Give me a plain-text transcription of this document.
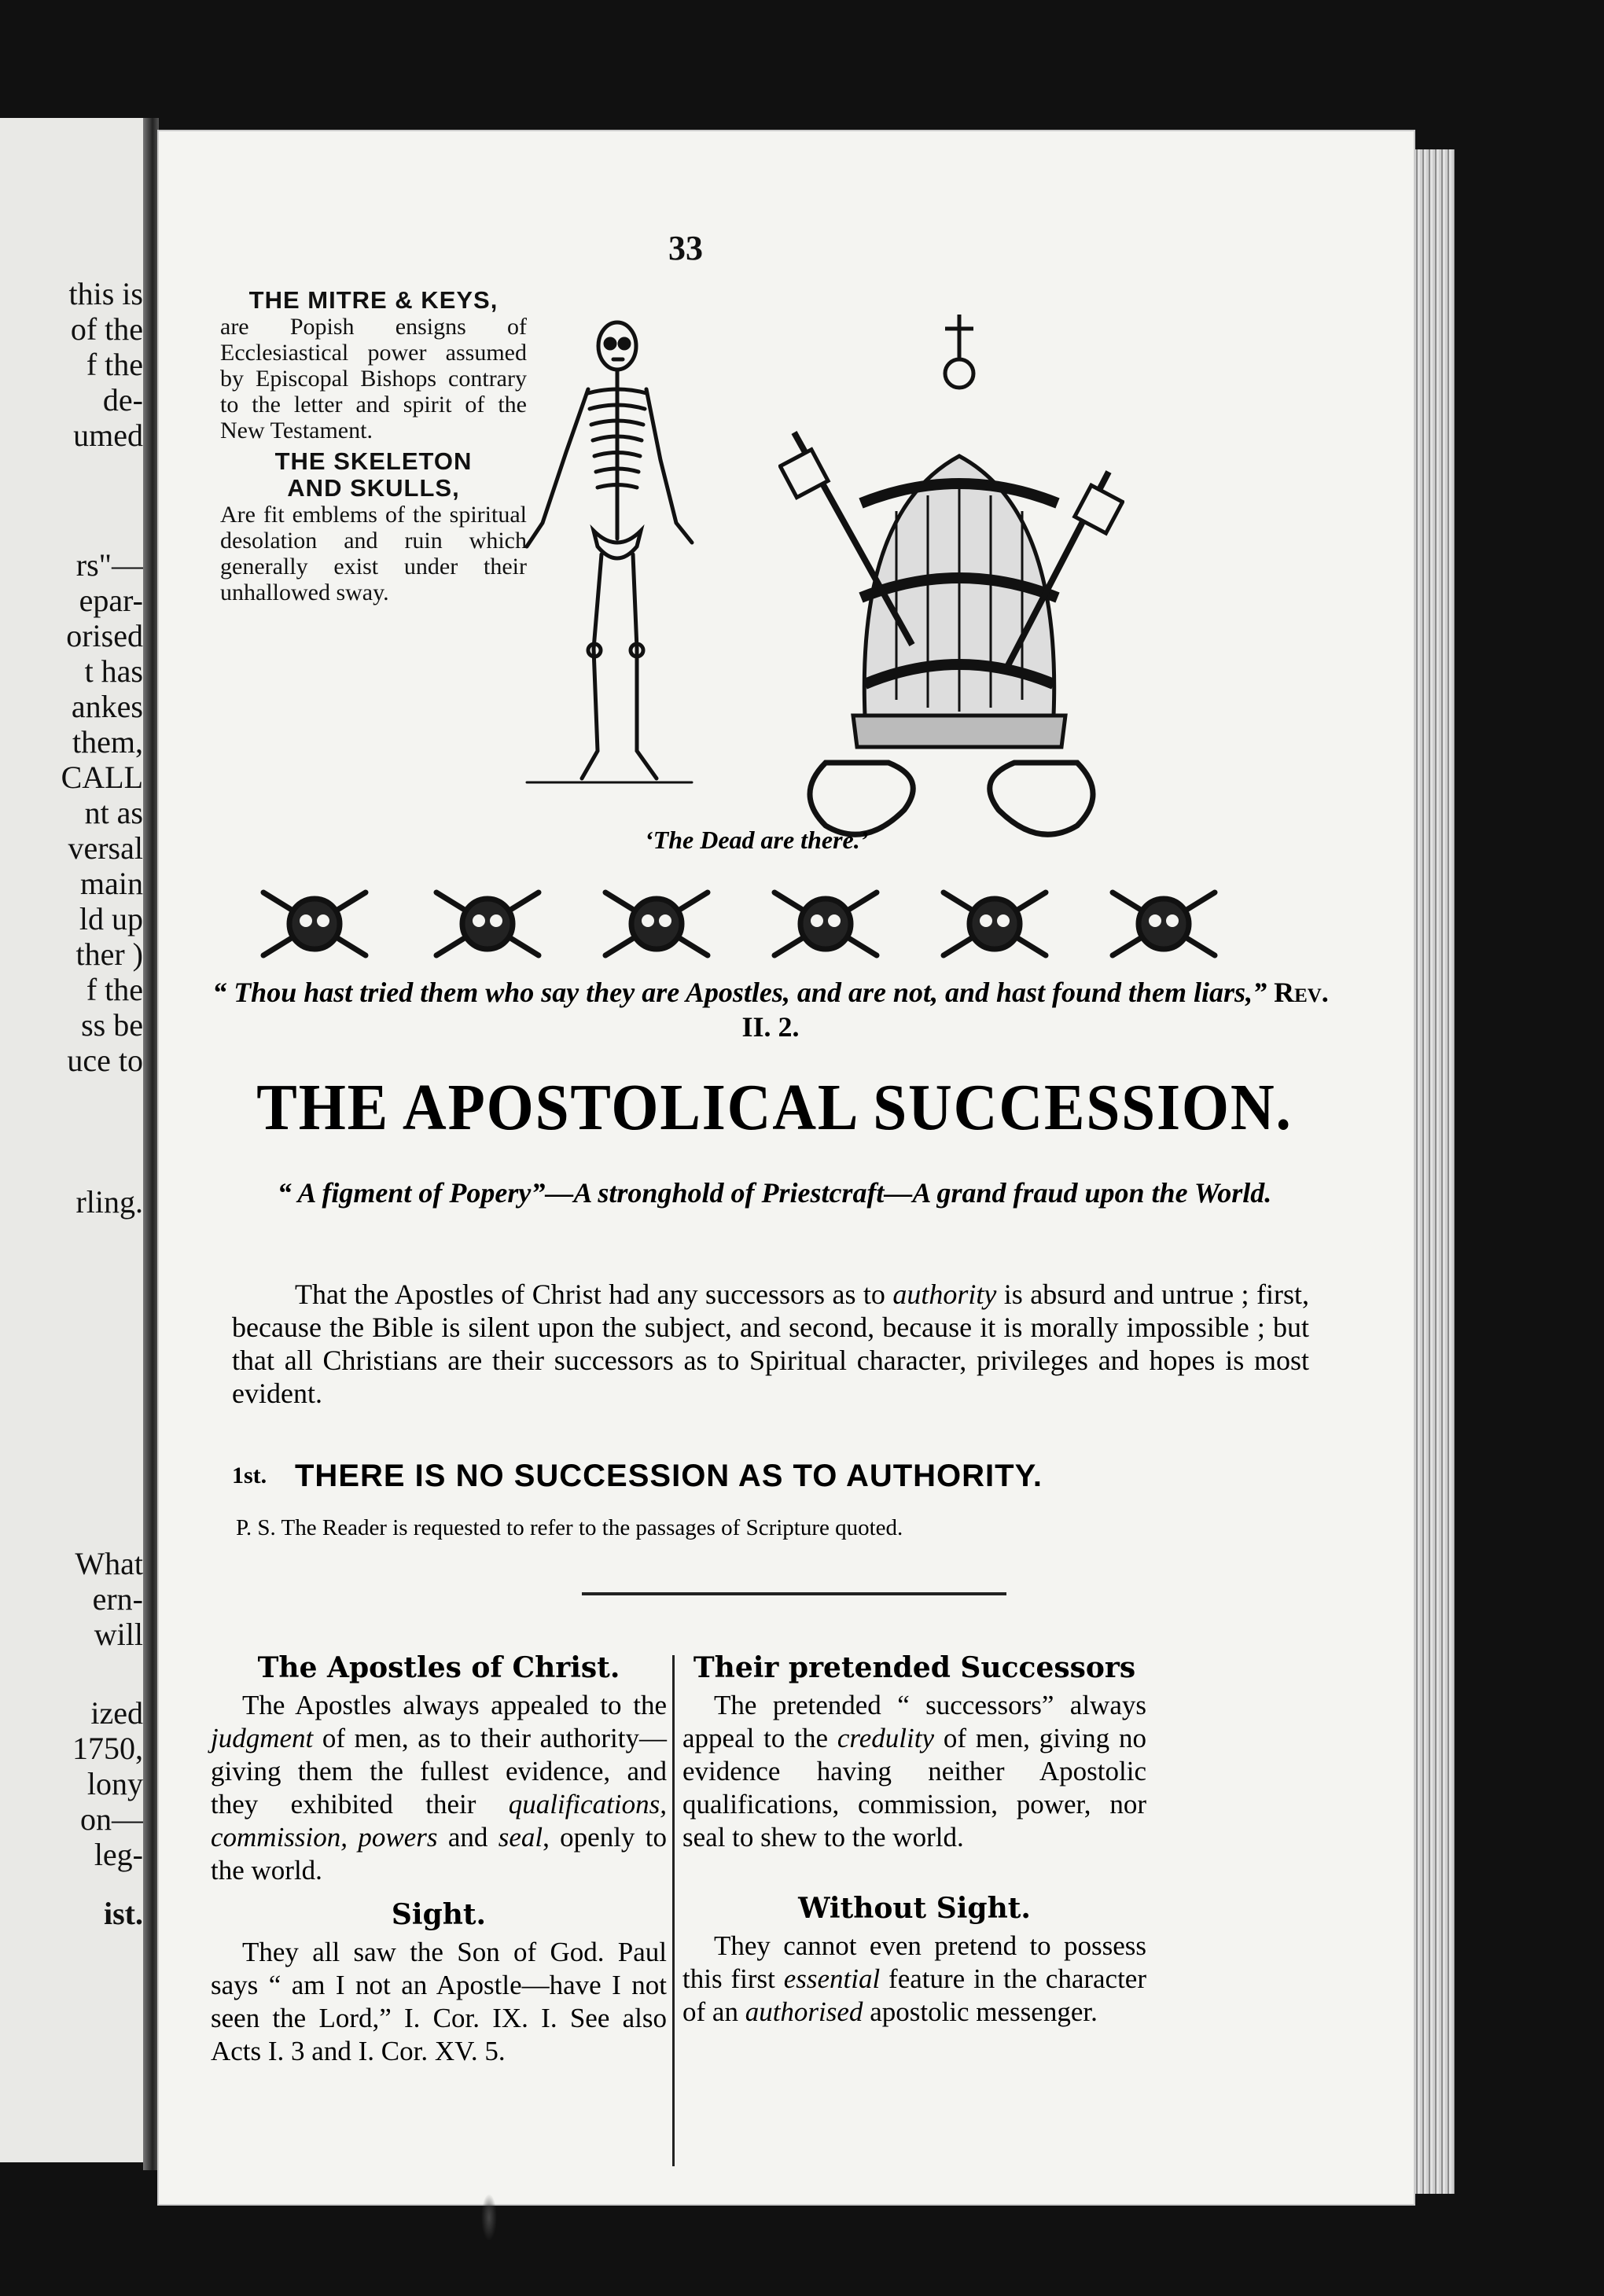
this is
of the
f the
de-
umed
rs"—
epar-
orised
t has
ankes
them,
CALL
nt as
versal
main
ld up
ther )
f the
ss be
uce to
rling.
What
ern-
will
ized
1750,
lony
on—
leg-
ist.
33
THE MITRE & KEYS,
are Popish ensigns of Ecclesiastical power assumed by Episcopal Bishops contrary to the letter and spirit of the New Testament.
THE SKELETON
AND SKULLS,
Are fit emblems of the spiritual desolation and ruin which generally exist under their unhallowed sway.
‘The Dead are there.’
“ Thou hast tried them who say they are Apostles, and are not, and hast found them liars,” Rev. II. 2.
THE APOSTOLICAL SUCCESSION.
“ A figment of Popery”—A stronghold of Priestcraft—A grand fraud upon the World.
That the Apostles of Christ had any successors as to authority is absurd and untrue ; first, because the Bible is silent upon the subject, and second, because it is morally impossible ; but that all Christians are their successors as to Spiritual character, privileges and hopes is most evident.
1st. THERE IS NO SUCCESSION AS TO AUTHORITY.
P. S. The Reader is requested to refer to the passages of Scripture quoted.
The Apostles of Christ.

The Apostles always appealed to the judgment of men, as to their authority—giving them the fullest evidence, and they exhibited their qualifications, commission, powers and seal, openly to the world.

Sight.

They all saw the Son of God. Paul says “ am I not an Apostle—have I not seen the Lord,” I. Cor. IX. I. See also Acts I. 3 and I. Cor. XV. 5.

Their pretended Successors

The pretended “ successors” always appeal to the credulity of men, giving no evidence having neither Apostolic qualifications, commission, power, nor seal to shew to the world.

Without Sight.

They cannot even pretend to possess this first essential feature in the character of an authorised apostolic messenger.
